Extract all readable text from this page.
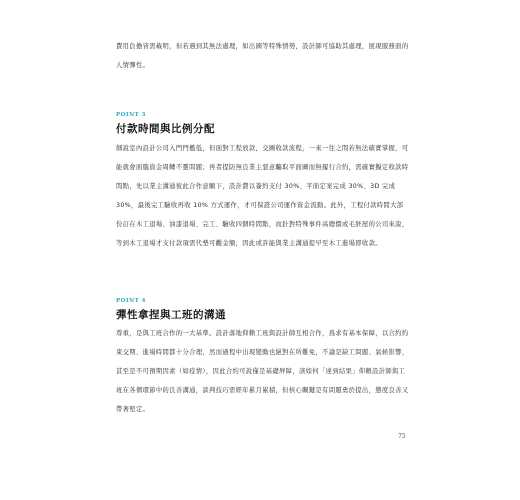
費用負擔皆需載明，但若遇到其無法處理，如出國等特殊情勢，設計師可協助其處理，展現服務面的人情彈性。

POINT 3
付款時間與比例分配

細說室內設計公司入門門檻低，但面對工程放款，交圖收款流程，一來一往之間若無法確實掌握，可能就會面臨資金周轉不靈問題；再者提防無良業主惡意騙取平面圖而無履行合約，需確實擬定收款時間點，先以業主溝通彼此合作意願下，設計費以簽約支付 30%、平面定案完成 30%、3D 完成 30%，最後完工驗收再收 10% 方式運作，才可保證公司運作資金流動。此外，工程付款時間大部份訂在木工退場、油漆退場、完工、驗收四個時間點，而針對特殊事件高總價或毛胚屋的公司來說，等到木工退場才支付款項需代墊可觀金額，因此或許能與業主溝通提早至木工進場即收款。

POINT 4
彈性拿捏與工班的溝通

尊重，是與工班合作的一大基準。設計落地仰賴工班與設計師互相合作，爲求有基本保障，以合約約束交期、進場時間都十分合理，然而過程中出現變動也絕對在所難免，不論是缺工問題、氣候影響，甚至是不可預期因素（如疫情），因此合約可說僅是基礎屏障，該如何「達到結果」仰賴設計師與工班在各個環節中的良善溝通，談判技巧需經年累月累積，但核心關鍵是有問題勇於提出，態度良善又帶著堅定。

75
